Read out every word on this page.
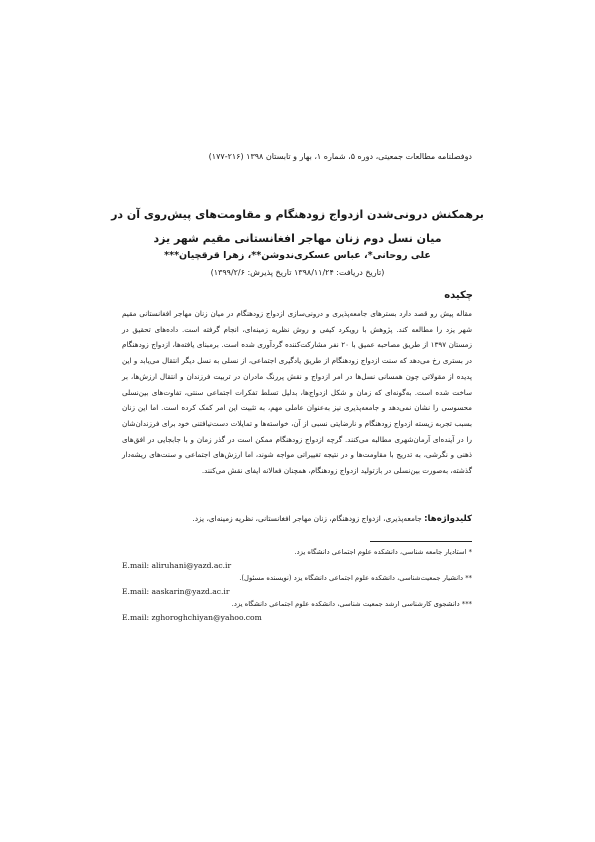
دوفصلنامه مطالعات جمعیتی، دوره ۵، شماره ۱، بهار و تابستان ۱۳۹۸ (۲۱۶-۱۷۷)
برهمکنش درونی‌شدن ازدواج زودهنگام و مقاومت‌های پیش‌روی آن در
میان نسل دوم زنان مهاجر افغانستانی مقیم شهر یزد
علی روحانی*، عباس عسکری‌ندوشن**، زهرا قرقچیان***
(تاریخ دریافت: ۱۳۹۸/۱۱/۲۴ تاریخ پذیرش: ۱۳۹۹/۲/۶)
چکیده
مقاله پیش رو قصد دارد بسترهای جامعه‌پذیری و درونی‌سازی ازدواج زودهنگام در میان زنان مهاجر افغانستانی مقیم شهر یزد را مطالعه کند. پژوهش با رویکرد کیفی و روش نظریه زمینه‌ای، انجام گرفته است. داده‌های تحقیق در زمستان ۱۳۹۷ از طریق مصاحبه عمیق با ۲۰ نفر مشارکت‌کننده گردآوری شده است. برمبنای یافته‌ها، ازدواج زودهنگام در بستری رخ می‌دهد که سنت ازدواج زودهنگام از طریق یادگیری اجتماعی، از نسلی به نسل دیگر انتقال می‌یابد و این پدیده از مقولاتی چون همسانی نسل‌ها در امر ازدواج و نقش پررنگ مادران در تربیت فرزندان و انتقال ارزش‌ها، بر ساخت شده است. به‌گونه‌ای که زمان و شکل ازدواج‌ها، بدلیل تسلط تفکرات اجتماعی سنتی، تفاوت‌های بین‌نسلی محسوسی را نشان نمی‌دهد و جامعه‌پذیری نیز به‌عنوان عاملی مهم، به تثبیت این امر کمک کرده است. اما این زنان بسبب تجربه زیسته ازدواج زودهنگام و نارضایتی نسبی از آن، خواسته‌ها و تمایلات دست‌نیافتنی خود برای فرزندان‌شان را در آینده‌ای آرمان‌شهری مطالبه می‌کنند. گرچه ازدواج زودهنگام ممکن است در گذر زمان و با جابجایی در افق‌های ذهنی و نگرشی، به تدریج با مقاومت‌ها و در نتیجه تغییراتی مواجه شوند، اما ارزش‌های اجتماعی و سنت‌های ریشه‌دار گذشته، به‌صورت بین‌نسلی در بازتولید ازدواج زودهنگام، همچنان فعالانه ایفای نقش می‌کنند.
کلیدواژه‌ها: جامعه‌پذیری، ازدواج زودهنگام، زنان مهاجر افغانستانی، نظریه زمینه‌ای، یزد.
* استادیار جامعه شناسی، دانشکده علوم اجتماعی دانشگاه یزد.
E.mail: aliruhani@yazd.ac.ir
** دانشیار جمعیت‌شناسی، دانشکده علوم اجتماعی دانشگاه یزد (نویسنده مسئول).
E.mail: aaskarin@yazd.ac.ir
*** دانشجوی کارشناسی ارشد جمعیت شناسی، دانشکده علوم اجتماعی دانشگاه یزد.
E.mail: zghoroghchiyan@yahoo.com
